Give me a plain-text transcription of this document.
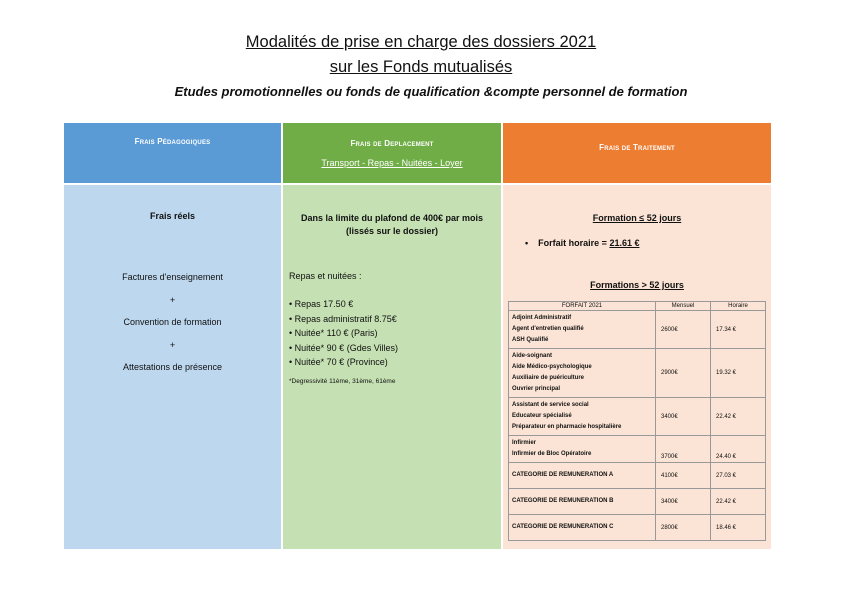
Modalités de prise en charge des dossiers 2021
sur les Fonds mutualisés
Etudes promotionnelles ou fonds de qualification &compte personnel de formation
Frais Pédagogiques
Frais réels
Factures d'enseignement
+
Convention de formation
+
Attestations de présence
Frais de Deplacement
Transport - Repas - Nuitées - Loyer
Dans la limite du plafond de 400€ par mois
(lissés sur le dossier)
Repas et nuitées :
• Repas 17.50 €
• Repas administratif 8.75€
• Nuitée* 110 € (Paris)
• Nuitée* 90 € (Gdes Villes)
• Nuitée* 70 € (Province)
*Degressivité 11ème, 31ème, 61ème
Frais de Traitement
Formation ≤ 52 jours
• Forfait horaire = 21.61 €
Formations > 52 jours
FORFAIT 2021	Mensuel	Horaire

Adjoint Administratif
Agent d'entretien qualifié
ASH Qualifié	2600€	17.34 €

Aide-soignant
Aide Médico-psychologique
Auxiliaire de puériculture
Ouvrier principal	2900€	19.32 €

Assistant de service social
Educateur spécialisé
Préparateur en pharmacie hospitalière	3400€	22.42 €

Infirmier
Infirmier de Bloc Opératoire	3700€	24.40 €
CATEGORIE DE REMUNERATION A	4100€	27.03 €
CATEGORIE DE REMUNERATION B	3400€	22.42 €
CATEGORIE DE REMUNERATION C	2800€	18.46 €
